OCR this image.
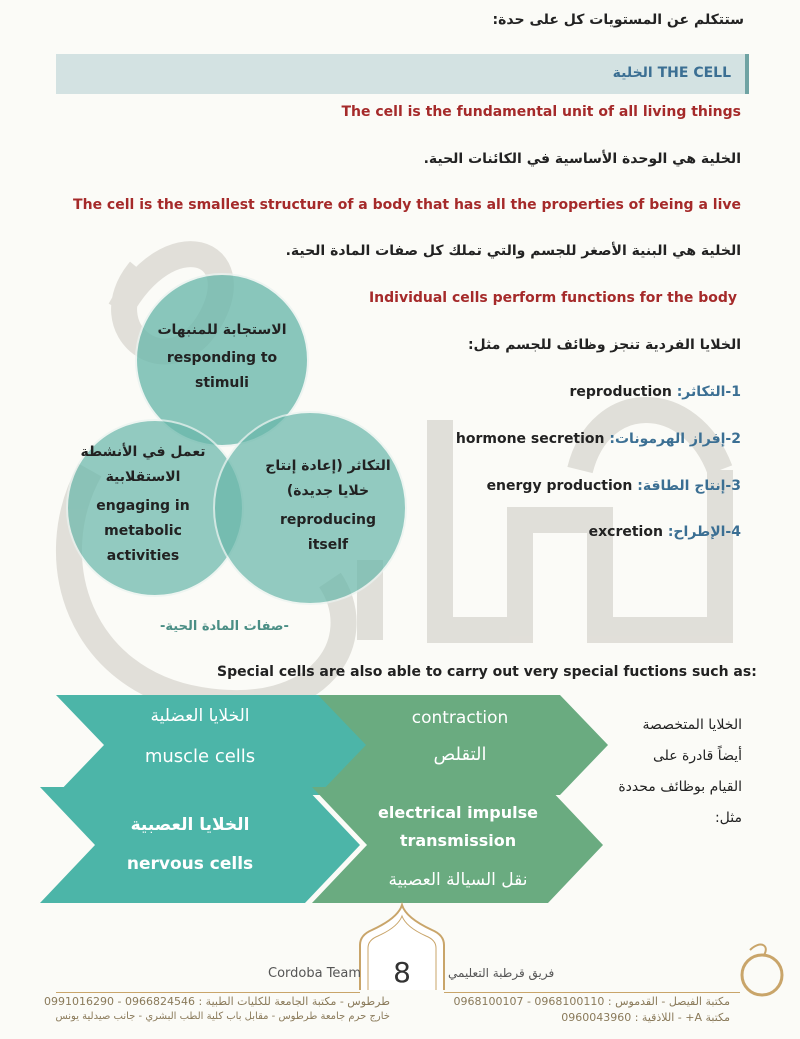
ستتكلم عن المستويات كل على حدة:
THE CELL الخلية
The cell is the fundamental unit of all living things
الخلية هي الوحدة الأساسية في الكائنات الحية.
The cell is the smallest structure of a body that has all the properties of being a live
الخلية هي البنية الأصغر للجسم والتي تملك كل صفات المادة الحية.
Individual cells perform functions for the body
الخلايا الفردية تنجز وظائف للجسم مثل:
1-التكاثر: reproduction
2-إفراز الهرمونات: hormone secretion
3-إنتاج الطاقة: energy production
4-الإطراح: excretion
الاستجابة للمنبهات
responding to
stimuli
تعمل في الأنشطة
الاستقلابية
engaging in
metabolic
activities
التكاثر (إعادة إنتاج
خلايا جديدة)
reproducing
itself
-صفات المادة الحية-
Special cells are also able to carry out very special fuctions such as:
الخلايا العضلية
muscle cells
contraction
التقلص
الخلايا العصبية
nervous cells
electrical impulse
transmission
نقل السيالة العصبية
الخلايا المتخصصة
أيضاً قادرة على
القيام بوظائف محددة
مثل:
Cordoba Team	8	فريق قرطبة التعليمي
طرطوس - مكتبة الجامعة للكليات الطبية : 0966824546 - 0991016290
خارج حرم جامعة طرطوس - مقابل باب كلية الطب البشري - جانب صيدلية يونس
مكتبة الفيصل - القدموس : 0968100110 - 0968100107
مكتبة A+ - اللاذقية : 0960043960
